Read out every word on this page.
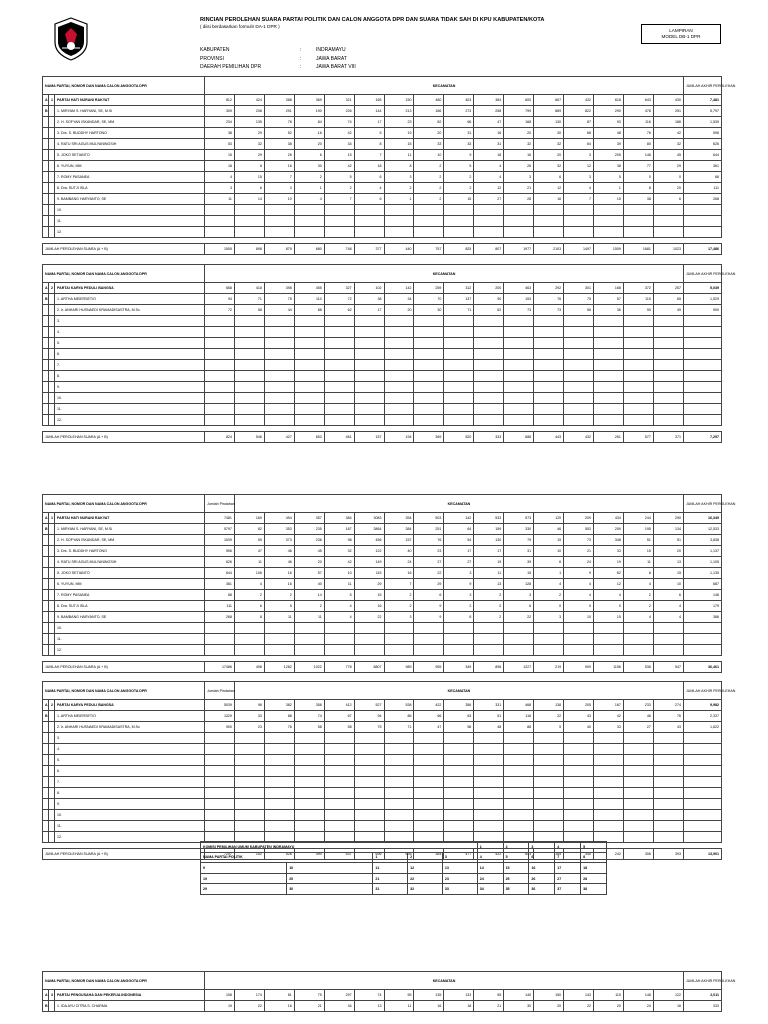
RINCIAN PEROLEHAN SUARA PARTAI POLITIK DAN CALON ANGGOTA DPR DAN SUARA TIDAK SAH DI KPU KABUPATEN/KOTA
( diisi berdasarkan formulir DA-1 DPR )
KABUPATEN	:	INDRAMAYU
PROVINSI	:	JAWA BARAT
DAERAH PEMILIHAN DPR	:	JAWA BARAT VIII
LAMPIRAN
MODEL DB-1 DPR
NAMA PARTAI, NOMOR DAN NAMA CALON ANGGOTA DPR			KECAMATAN																JUMLAH AKHIR PEROLEHAN
A	1	PARTAI HATI NURANI RAKYAT	812	424	388	369	321	165	150	480	403	384	600	667	432	618	643	430	7,481
B		1. MIRYAM S. HARYANI, SE, M.Si	309	208	291	190	226	144	213	186	273	258	799	889	822	290	478	251	5,797
		2. H. SOFYAN ISKANDAR, SE, MM	234	135	78	84	74	17	23	82	66	47	168	130	87	93	116	186	1,539
		3. Drs. S. BUDDHY HARTONO	38	29	52	16	42	5	19	20	31	16	20	30	68	48	76	42	596
		4. RATU SRI AGUS MULYANINGSIH	53	32	38	20	34	8	15	33	33	31	32	32	64	39	80	32	626
		5. JOKO SETIANTO	15	29	26	6	15	7	11	10	9	18	16	20	3	205	146	45	644
		6. YUYUN, MM	18	8	16	30	42	18	8	2	5	4	26	32	12	38	77	29	361
		7. ROMY PASANEA	4	15	7	2	5	6	3	2	2	4	3	6	3	5	0	0	68
		8. Dra. SUTJI ISLA	3	6	3	1	2	4	2	2	2	12	21	12	4	1	8	20	111
		9. BAMBANG HARYANTO, SE	11	14	10	4	7	6	1	2	15	27	28	16	7	15	38	6	268
		10.																	
		11.																	
		12.																	

JUMLAH PEROLEHAN SUARA (A + B)			1505	898	879	680	748	377	440	757	825	807	1977	2103	1497	1509	1681	1023	17,486
NAMA PARTAI, NOMOR DAN NAMA CALON ANGGOTA DPR			KECAMATAN																JUMLAH AKHIR PEROLEHAN
A	2	PARTAI KARYA PEDULI BANGSA	658	418	398	455	327	102	142	259	312	200	463	292	301	168	372	257	5,039
B		1. ARTHA MEIERSETIO	94	71	75	110	72	38	34	70	137	90	153	76	75	57	115	65	1,529
		2. Ir. ANHARI HUSNAEDI KRAMADISASTRA, M.Sc	72	58	44	88	62	17	20	30	71	52	73	73	56	36	90	49	900
		3.																	
		4.																	
		5.																	
		6.																	
		7.																	
		8.																	
		9.																	
		10.																	
		11.																	
		12.																	

JUMLAH PEROLEHAN SUARA (A + B)			824	546	427	653	461	157	194	369	520	333	688	443	432	261	577	371	7,257
NAMA PARTAI, NOMOR DAN NAMA CALON ANGGOTA DPR			Jumlah Pindahan	KECAMATAN															JUMLAH AKHIR PEROLEHAN
A	1	PARTAI HATI NURANI RAKYAT	7481	169	494	357	384	3083	354	503	142	533	573	120	209	434	244	290	16,349
B		1. MIRYAM S. HARYANI, SE, M.Si	5797	82	353	235	187	3864	384	251	64	159	330	46	553	209	195	134	12,533
		2. H. SOFYAN ISKANDAR, SE, MM	1539	59	373	236	98	456	157	76	54	130	79	19	73	348	51	51	3,838
		3. Drs. S. BUDDHY HARTONO	596	47	46	45	32	122	40	23	17	17	31	10	21	33	15	20	1,137
		4. RATU SRI AGUS MULYANINGSIH	626	11	46	20	42	149	24	27	27	19	39	6	24	19	11	13	1,105
		5. JOKO SETIANTO	644	106	16	57	10	115	16	22	3	11	15	1	9	62	8	15	1,135
		6. YUYUN, MM	361	4	16	40	11	29	7	29	9	13	128	4	4	12	4	10	687
		7. ROMY PASANEA	68	2	2	14	5	15	2	6	3	2	3	2	4	4	2	6	146
		8. Dra. SUTJI ISLA	111	6	5	2	4	16	2	9	2	0	6	0	0	0	2	4	179
		9. BAMBANG HARYANTO, SE	268	8	11	11	4	22	3	9	6	2	22	3	10	15	4	4	386
		10.																	
		11.																	
		12.																	

JUMLAH PEROLEHAN SUARA (A + B)			17486	498	1282	1022	778	8807	989	955	349	898	1227	219	909	1156	536	547	36,461
NAMA PARTAI, NOMOR DAN NAMA CALON ANGGOTA DPR			Jumlah Pindahan	KECAMATAN															JUMLAH AKHIR PEROLEHAN
A	2	PARTAI KARYA PEDULI BANGSA	5039	96	382	358	412	527	538	422	356	331	468	138	205	167	233	274	9,982
B		1. ARTHA MEIERSETIO	1329	33	88	74	67	94	86	66	63	51	116	22	43	42	46	76	2,337
		2. Ir. ANHARI HUSNAEDI KRAMADISASTRA, M.Sc	900	23	76	58	58	75	71	47	58	48	88	5	40	33	27	43	1,622
		3.																	
		4.																	
		5.																	
		6.																	
		7.																	
		8.																	
		9.																	
		10.																	
		11.																	
		12.																	

JUMLAH PEROLEHAN SUARA (A + B)			7257	152	526	490	537	696	695	384	477	422	653	165	340	242	306	393	13,901
NAMA PARTAI, NOMOR DAN NAMA CALON ANGGOTA DPR			KECAMATAN																JUMLAH AKHIR PEROLEHAN
A	3	PARTAI PENGUSAHA DAN PEKERJA INDONESIA	108	174	81	75	297	74	55	135	133	55	140	150	143	115	148	122	2,011
B		1. IDA AYU CITRA S. CHARMA	19	22	16	21	34	13	11	16	18	21	30	20	22	20	24	16	333
KOMISI PEMILIHAN UMUM KABUPATEN INDRAMAYU					1	2	3	4	5
NAMA PARTAI POLITIK		1	2	3	4	5	6	7	8
9	10	11	12	13	14	15	16	17	18
19	20	21	22	23	24	25	26	27	28
29	30	31	32	33	34	35	36	37	38
